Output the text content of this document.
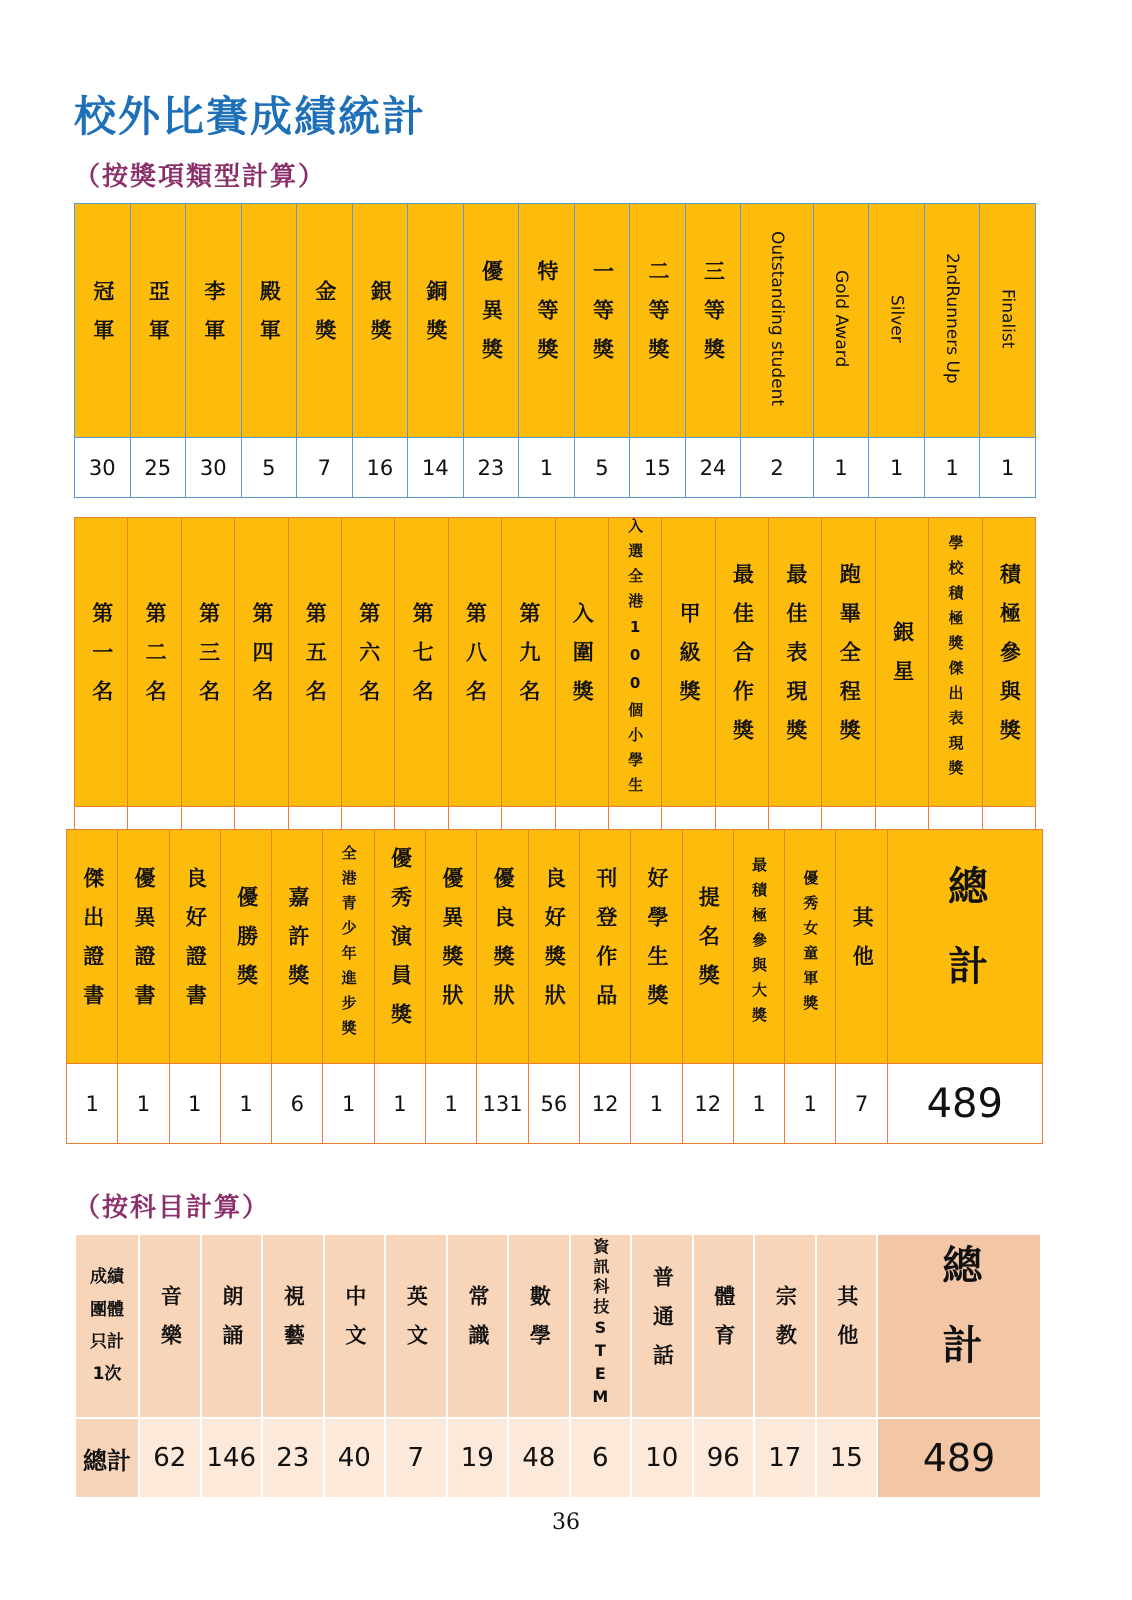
校外比賽成績統計
（按獎項類型計算）
冠軍	亞軍	李軍	殿軍	金獎	銀獎	銅獎	優異獎	特等獎	一等獎	二等獎	三等獎	Outstanding student	Gold Award	Silver	2ndRunners Up	Finalist
30	25	30	5	7	16	14	23	1	5	15	24	2	1	1	1	1
第一名	第二名	第三名	第四名	第五名	第六名	第七名	第八名	第九名	入圍獎	入選全港100個小學生	甲級獎	最佳合作獎	最佳表現獎	跑畢全程獎	銀星	學校積極獎傑出表現獎	積極參與獎

傑出證書	優異證書	良好證書	優勝獎	嘉許獎	全港青少年進步獎	優秀演員獎	優異獎狀	優良獎狀	良好獎狀	刊登作品	好學生獎	提名獎	最積極參與大獎	優秀女童軍獎	其他	總計
1	1	1	1	6	1	1	1	131	56	12	1	12	1	1	7	489
（按科目計算）
成績
團體
只計
1次	音樂	朗誦	視藝	中文	英文	常識	數學	資訊科技STEM	普通話	體育	宗教	其他	總計
總計	62	146	23	40	7	19	48	6	10	96	17	15	489
36
